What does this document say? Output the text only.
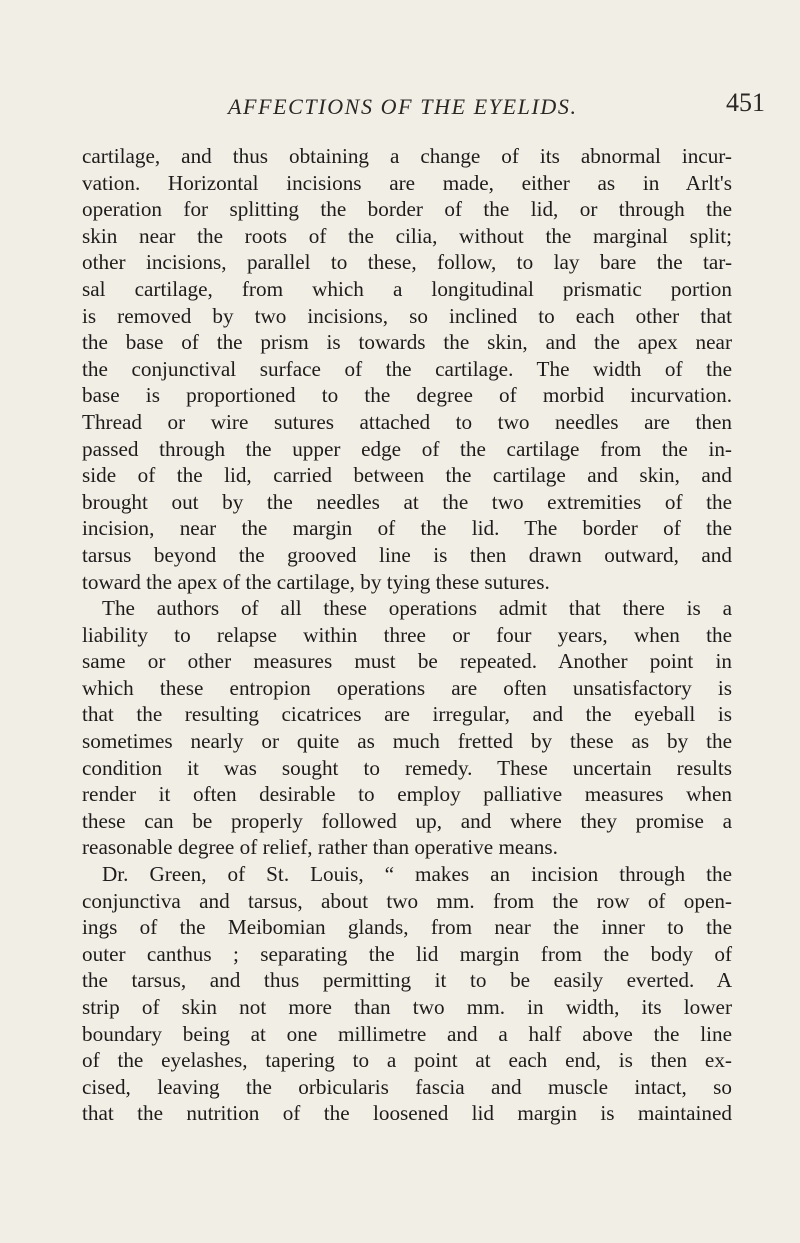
AFFECTIONS OF THE EYELIDS.	451
cartilage, and thus obtaining a change of its abnormal incur-
vation. Horizontal incisions are made, either as in Arlt's
operation for splitting the border of the lid, or through the
skin near the roots of the cilia, without the marginal split;
other incisions, parallel to these, follow, to lay bare the tar-
sal cartilage, from which a longitudinal prismatic portion
is removed by two incisions, so inclined to each other that
the base of the prism is towards the skin, and the apex near
the conjunctival surface of the cartilage. The width of the
base is proportioned to the degree of morbid incurvation.
Thread or wire sutures attached to two needles are then
passed through the upper edge of the cartilage from the in-
side of the lid, carried between the cartilage and skin, and
brought out by the needles at the two extremities of the
incision, near the margin of the lid. The border of the
tarsus beyond the grooved line is then drawn outward, and
toward the apex of the cartilage, by tying these sutures.
The authors of all these operations admit that there is a
liability to relapse within three or four years, when the
same or other measures must be repeated. Another point in
which these entropion operations are often unsatisfactory is
that the resulting cicatrices are irregular, and the eyeball is
sometimes nearly or quite as much fretted by these as by the
condition it was sought to remedy. These uncertain results
render it often desirable to employ palliative measures when
these can be properly followed up, and where they promise a
reasonable degree of relief, rather than operative means.
Dr. Green, of St. Louis, “ makes an incision through the
conjunctiva and tarsus, about two mm. from the row of open-
ings of the Meibomian glands, from near the inner to the
outer canthus ; separating the lid margin from the body of
the tarsus, and thus permitting it to be easily everted. A
strip of skin not more than two mm. in width, its lower
boundary being at one millimetre and a half above the line
of the eyelashes, tapering to a point at each end, is then ex-
cised, leaving the orbicularis fascia and muscle intact, so
that the nutrition of the loosened lid margin is maintained
